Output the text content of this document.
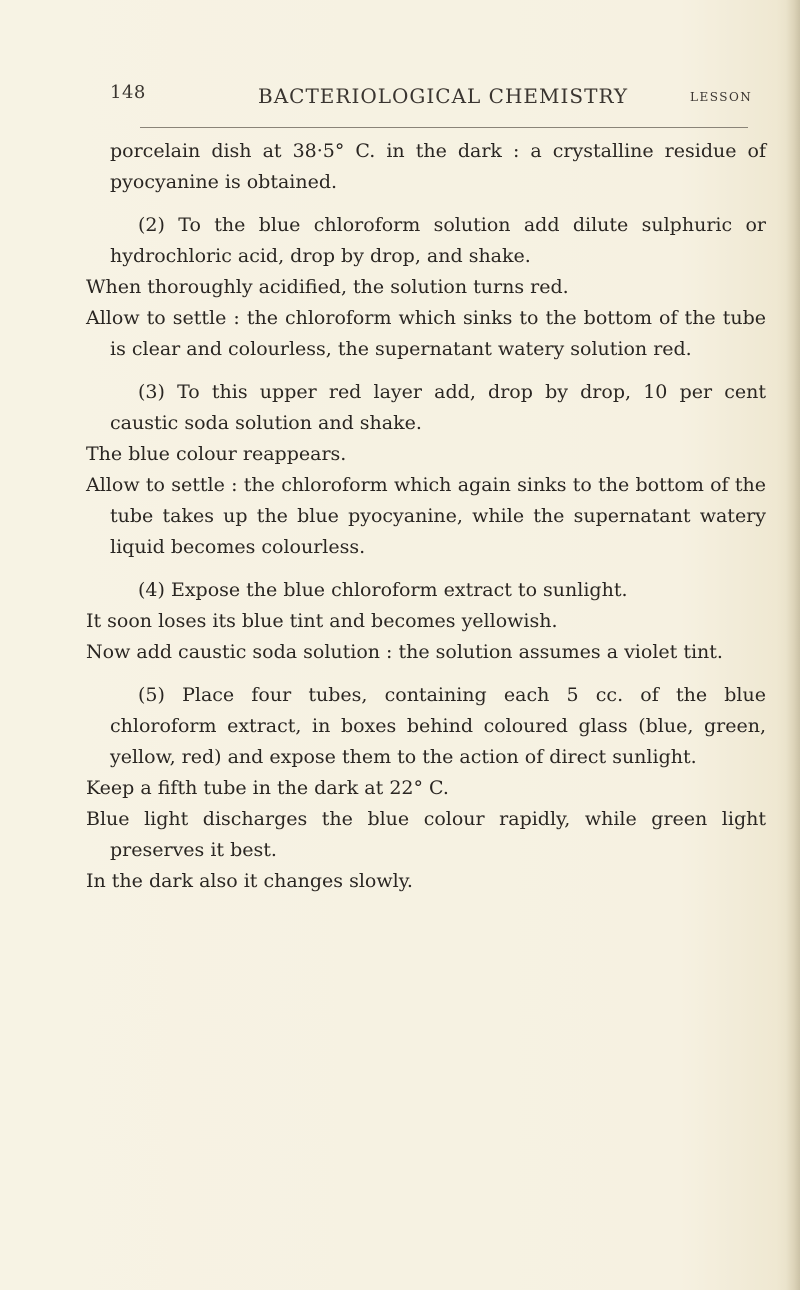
148	BACTERIOLOGICAL CHEMISTRY	LESSON

porcelain dish at 38·5° C. in the dark : a crystalline residue of pyocyanine is obtained.

(2) To the blue chloroform solution add dilute sulphuric or hydrochloric acid, drop by drop, and shake.

When thoroughly acidified, the solution turns red.

Allow to settle : the chloroform which sinks to the bottom of the tube is clear and colourless, the supernatant watery solution red.

(3) To this upper red layer add, drop by drop, 10 per cent caustic soda solution and shake.

The blue colour reappears.

Allow to settle : the chloroform which again sinks to the bottom of the tube takes up the blue pyocyanine, while the supernatant watery liquid becomes colourless.

(4) Expose the blue chloroform extract to sunlight.

It soon loses its blue tint and becomes yellowish.

Now add caustic soda solution : the solution assumes a violet tint.

(5) Place four tubes, containing each 5 cc. of the blue chloroform extract, in boxes behind coloured glass (blue, green, yellow, red) and expose them to the action of direct sunlight.

Keep a fifth tube in the dark at 22° C.

Blue light discharges the blue colour rapidly, while green light preserves it best.

In the dark also it changes slowly.
